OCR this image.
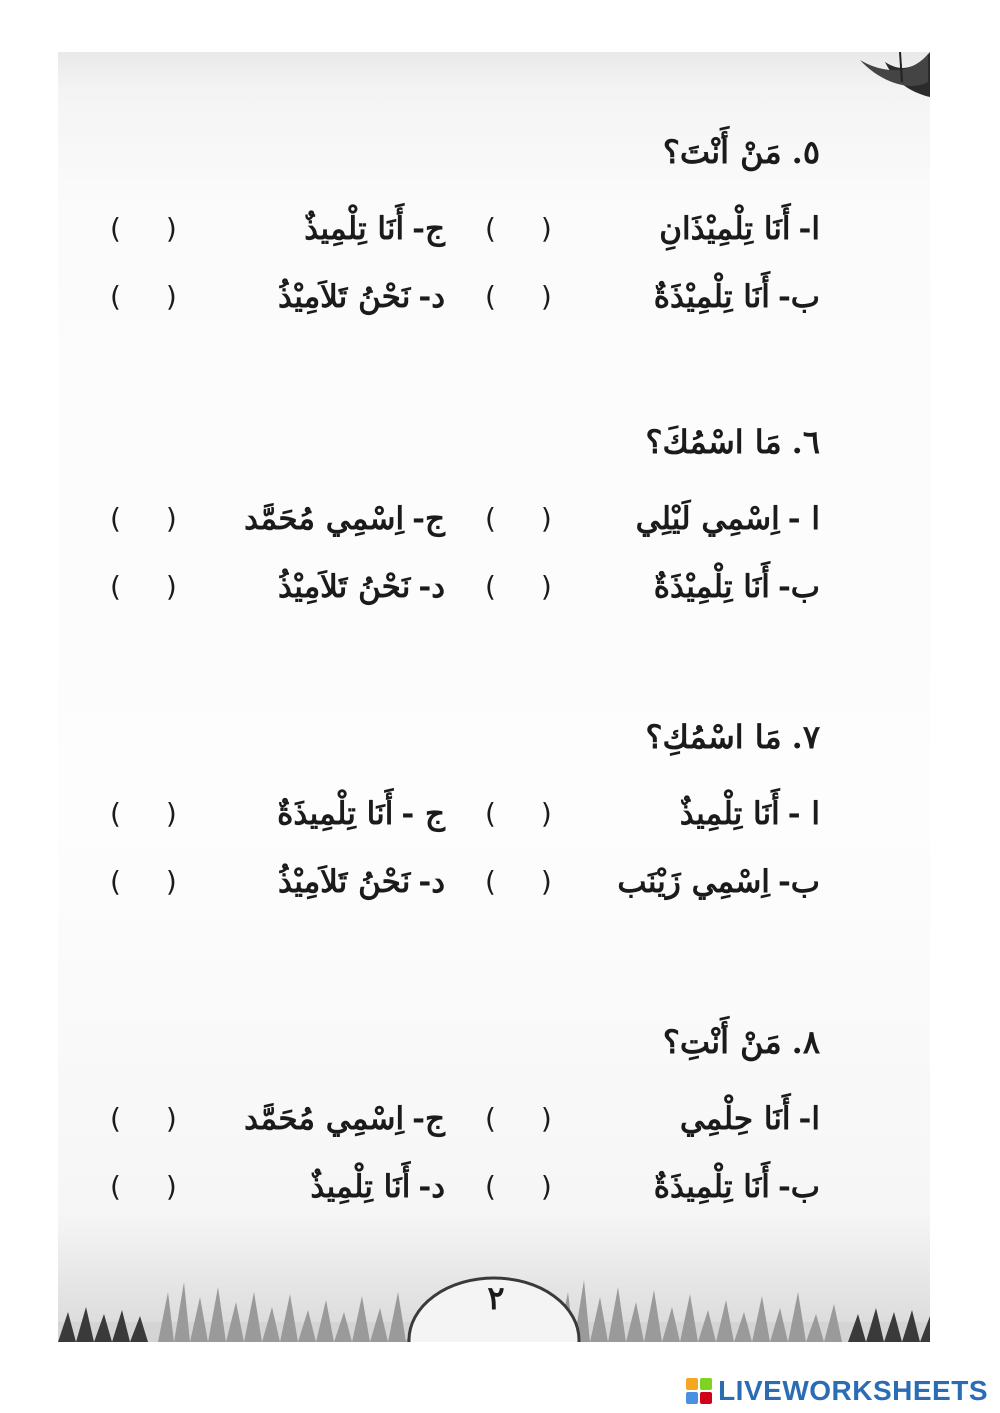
٥.
مَنْ أَنْتَ؟
ا-
أَنَا تِلْمِيْذَانِ
( )
ج-
أَنَا تِلْمِيذٌ
( )
ب-
أَنَا تِلْمِيْذَةٌ
( )
د-
نَحْنُ تَلاَمِيْذُ
( )
٦.
مَا اسْمُكَ؟
ا -
اِسْمِي لَيْلِي
( )
ج-
اِسْمِي مُحَمَّد
( )
ب-
أَنَا تِلْمِيْذَةٌ
( )
د-
نَحْنُ تَلاَمِيْذُ
( )
٧.
مَا اسْمُكِ؟
ا -
أَنَا تِلْمِيذٌ
( )
ج -
أَنَا تِلْمِيذَةٌ
( )
ب-
اِسْمِي زَيْنَب
( )
د-
نَحْنُ تَلاَمِيْذُ
( )
٨.
مَنْ أَنْتِ؟
ا-
أَنَا حِلْمِي
( )
ج-
اِسْمِي مُحَمَّد
( )
ب-
أَنَا تِلْمِيذَةٌ
( )
د-
أَنَا تِلْمِيذٌ
( )
٢
LIVEWORKSHEETS
